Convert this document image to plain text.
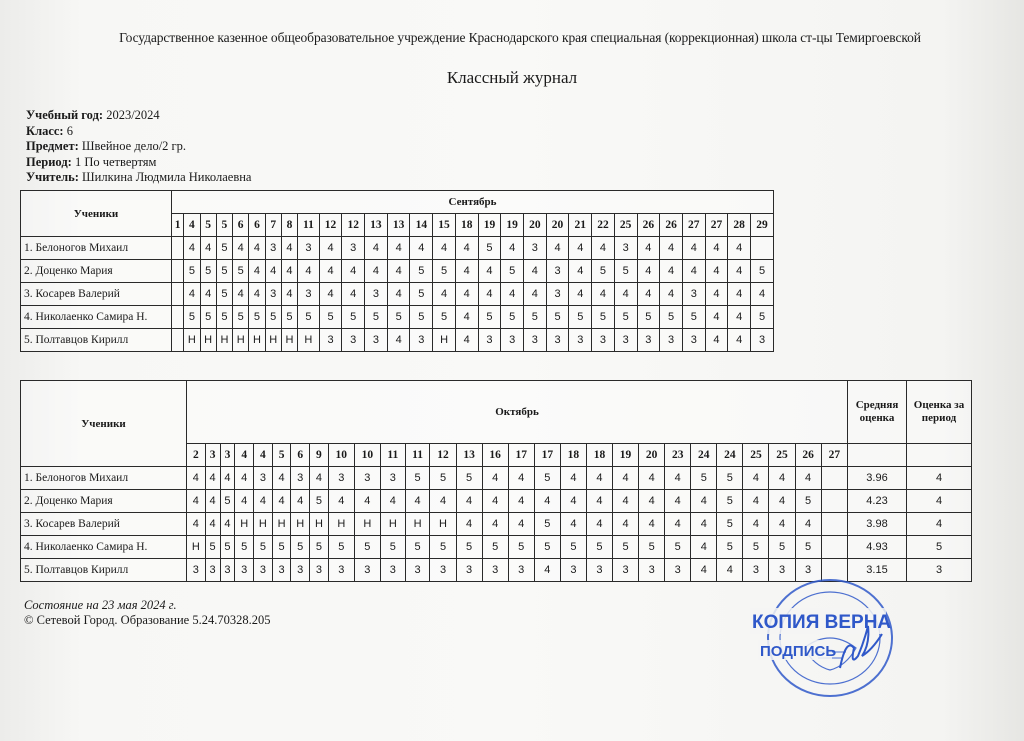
Государственное казенное общеобразовательное учреждение Краснодарского края специальная (коррекционная) школа ст-цы Темиргоевской
Классный журнал
Учебный год: 2023/2024
Класс: 6
Предмет: Швейное дело/2 гр.
Период: 1 По четвертям
Учитель: Шилкина Людмила Николаевна
Ученики	Сентябрь																												
	1	4	5	5	6	6	7	8	11	12	12	13	13	14	15	18	19	19	20	20	21	22	25	26	26	27	27	28	29
1. Белоногов Михаил		4	4	5	4	4	3	4	3	4	3	4	4	4	4	4	5	4	3	4	4	4	3	4	4	4	4	4	
2. Доценко Мария		5	5	5	5	4	4	4	4	4	4	4	4	5	5	4	4	5	4	3	4	5	5	4	4	4	4	4	5
3. Косарев Валерий		4	4	5	4	4	3	4	3	4	4	3	4	5	4	4	4	4	4	3	4	4	4	4	4	3	4	4	4
4. Николаенко Самира Н.		5	5	5	5	5	5	5	5	5	5	5	5	5	5	4	5	5	5	5	5	5	5	5	5	5	4	4	5
5. Полтавцов Кирилл		Н	Н	Н	Н	Н	Н	Н	Н	3	3	3	4	3	Н	4	3	3	3	3	3	3	3	3	3	3	4	4	3
Ученики	Октябрь																												Средняя оценка	Оценка за период
	2	3	3	4	4	5	6	9	10	10	11	11	12	13	16	17	17	18	18	19	20	23	24	24	25	25	26	27		
1. Белоногов Михаил	4	4	4	4	3	4	3	4	3	3	3	5	5	5	4	4	5	4	4	4	4	4	5	5	4	4	4		3.96	4
2. Доценко Мария	4	4	5	4	4	4	4	5	4	4	4	4	4	4	4	4	4	4	4	4	4	4	4	5	4	4	5		4.23	4
3. Косарев Валерий	4	4	4	Н	Н	Н	Н	Н	Н	Н	Н	Н	Н	4	4	4	5	4	4	4	4	4	4	5	4	4	4		3.98	4
4. Николаенко Самира Н.	Н	5	5	5	5	5	5	5	5	5	5	5	5	5	5	5	5	5	5	5	5	5	4	5	5	5	5		4.93	5
5. Полтавцов Кирилл	3	3	3	3	3	3	3	3	3	3	3	3	3	3	3	3	4	3	3	3	3	3	4	4	3	3	3		3.15	3
Состояние на 23 мая 2024 г.
© Сетевой Город. Образование 5.24.70328.205	КОПИЯ ВЕРНА
ПОДПИСЬ
